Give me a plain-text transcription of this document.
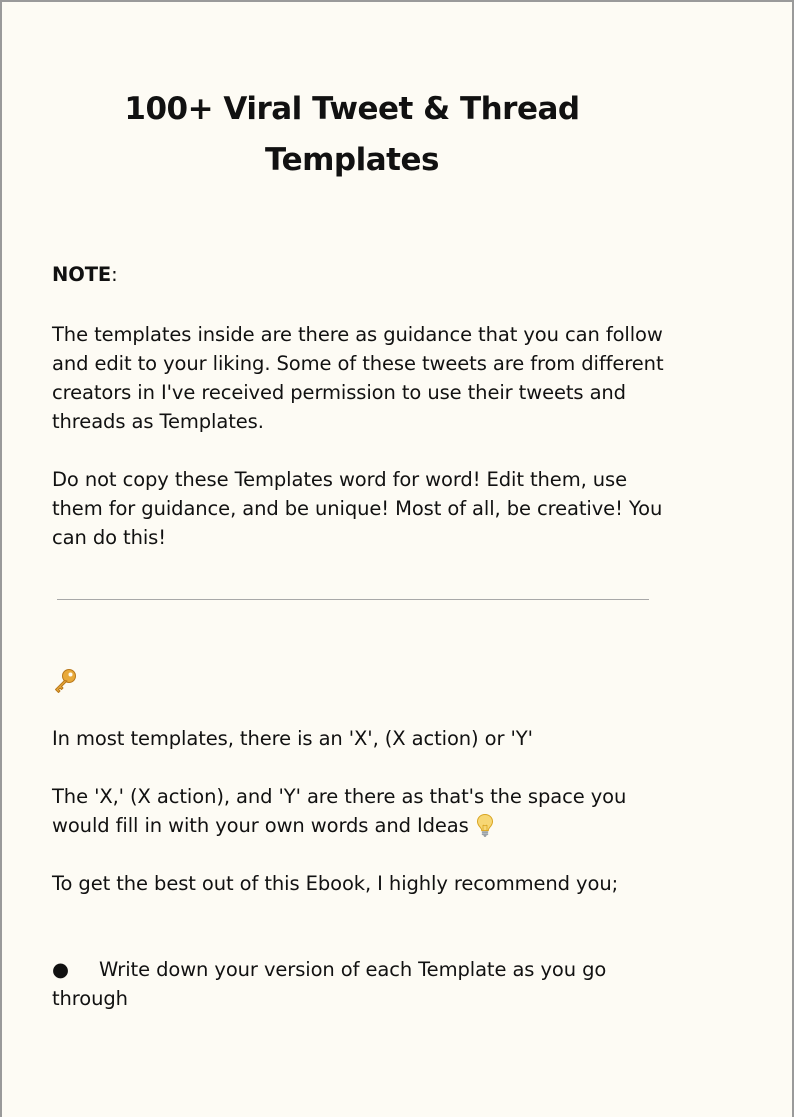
100+ Viral Tweet & Thread Templates

NOTE:

The templates inside are there as guidance that you can follow and edit to your liking. Some of these tweets are from different creators in I've received permission to use their tweets and threads as Templates.

Do not copy these Templates word for word! Edit them, use them for guidance, and be unique! Most of all, be creative! You can do this!

In most templates, there is an 'X', (X action) or 'Y'

The 'X,' (X action), and 'Y' are there as that's the space you would fill in with your own words and Ideas

To get the best out of this Ebook, I highly recommend you;

● Write down your version of each Template as you go through
